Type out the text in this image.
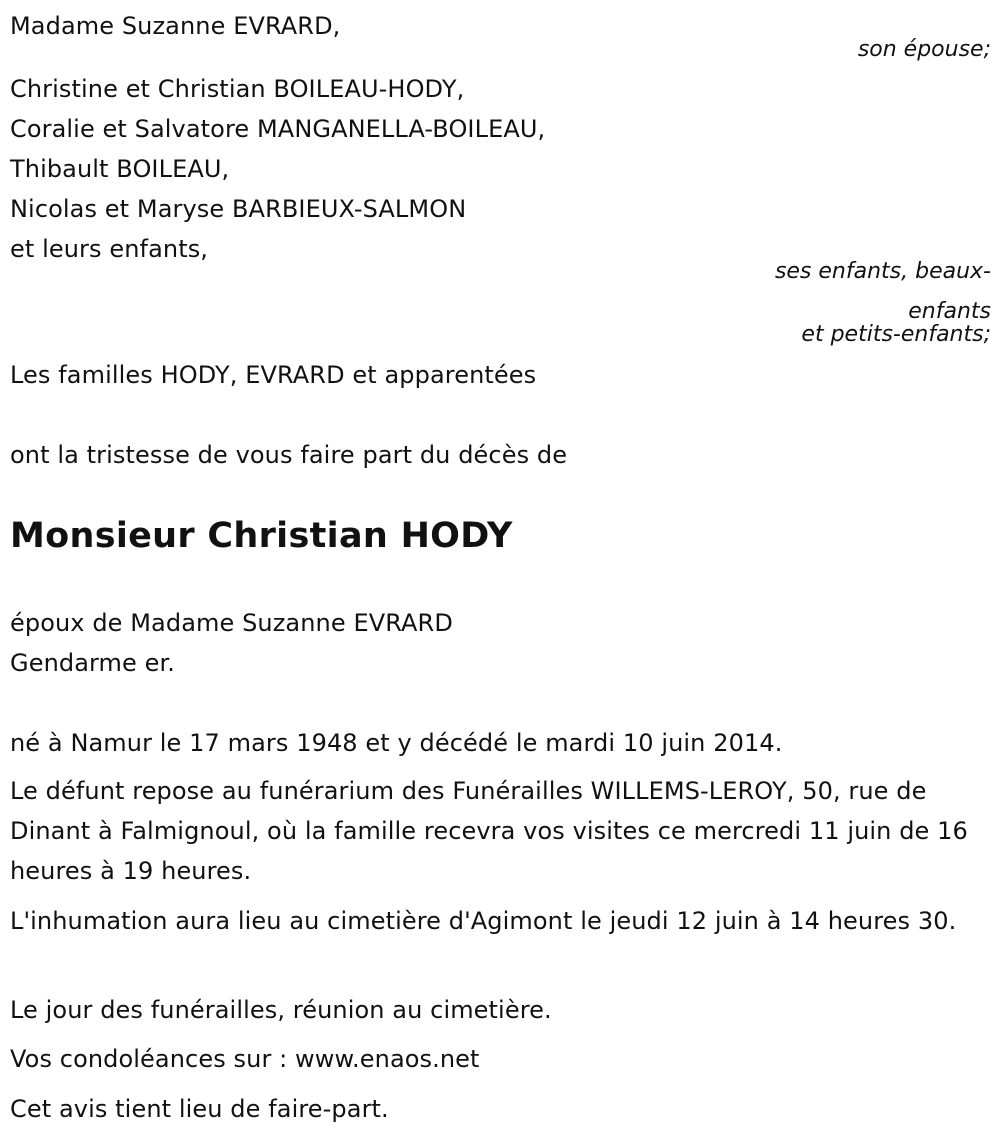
Madame Suzanne EVRARD,
son épouse;
Christine et Christian BOILEAU-HODY,
Coralie et Salvatore MANGANELLA-BOILEAU,
Thibault BOILEAU,
Nicolas et Maryse BARBIEUX-SALMON
et leurs enfants,
ses enfants, beaux-
enfants
et petits-enfants;
Les familles HODY, EVRARD et apparentées
ont la tristesse de vous faire part du décès de
Monsieur Christian HODY
époux de Madame Suzanne EVRARD
Gendarme er.
né à Namur le 17 mars 1948 et y décédé le mardi 10 juin 2014.
Le défunt repose au funérarium des Funérailles WILLEMS-LEROY, 50, rue de Dinant à Falmignoul, où la famille recevra vos visites ce mercredi 11 juin de 16 heures à 19 heures.
L'inhumation aura lieu au cimetière d'Agimont le jeudi 12 juin à 14 heures 30.
Le jour des funérailles, réunion au cimetière.
Vos condoléances sur : www.enaos.net
Cet avis tient lieu de faire-part.
